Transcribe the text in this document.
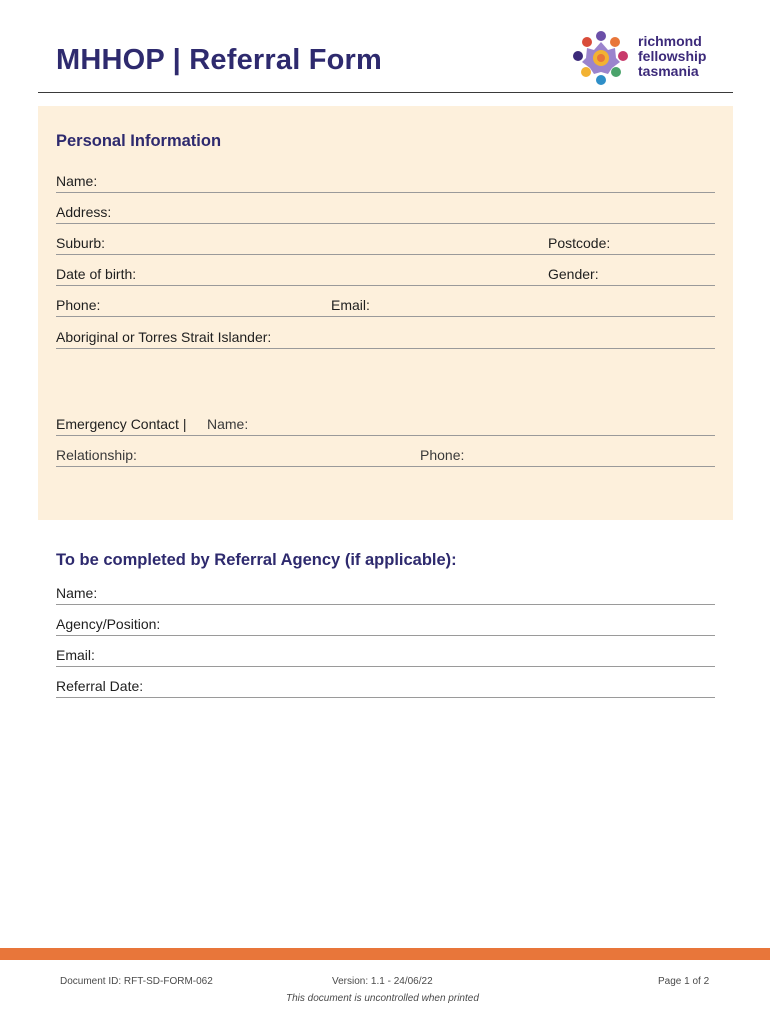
MHHOP | Referral Form
richmond
fellowship
tasmania
Personal Information
Name:
Address:
Suburb:	Postcode:
Date of birth:	Gender:
Phone:	Email:
Aboriginal or Torres Strait Islander:
Emergency Contact | Name:
Relationship:	Phone:
To be completed by Referral Agency (if applicable):
Name:
Agency/Position:
Email:
Referral Date:
Document ID: RFT-SD-FORM-062	Version: 1.1 - 24/06/22	Page 1 of 2
This document is uncontrolled when printed
